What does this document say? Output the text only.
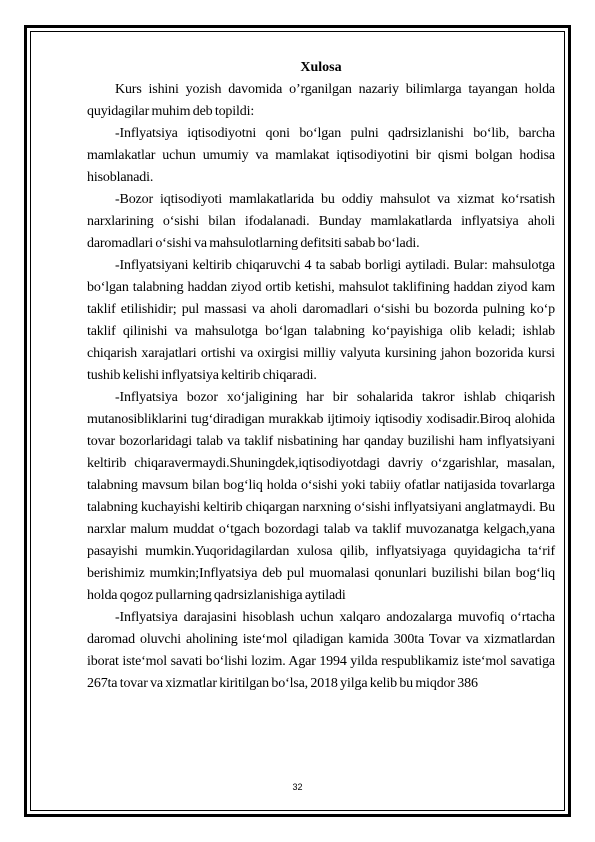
Xulosa

Kurs ishini yozish davomida o’rganilgan nazariy bilimlarga tayangan holda quyidagilar muhim deb topildi:

-Inflyatsiya iqtisodiyotni qoni bo‘lgan pulni qadrsizlanishi bo‘lib, barcha mamlakatlar uchun umumiy va mamlakat iqtisodiyotini bir qismi bolgan hodisa hisoblanadi.

-Bozor iqtisodiyoti mamlakatlarida bu oddiy mahsulot va xizmat ko‘rsatish narxlarining o‘sishi bilan ifodalanadi. Bunday mamlakatlarda inflyatsiya aholi daromadlari o‘sishi va mahsulotlarning defitsiti sabab bo‘ladi.

-Inflyatsiyani keltirib chiqaruvchi 4 ta sabab borligi aytiladi. Bular: mahsulotga bo‘lgan talabning haddan ziyod ortib ketishi, mahsulot taklifining haddan ziyod kam taklif etilishidir; pul massasi va aholi daromadlari o‘sishi bu bozorda pulning ko‘p taklif qilinishi va mahsulotga bo‘lgan talabning ko‘payishiga olib keladi; ishlab chiqarish xarajatlari ortishi va oxirgisi milliy valyuta kursining jahon bozorida kursi tushib kelishi inflyatsiya keltirib chiqaradi.

-Inflyatsiya bozor xo‘jaligining har bir sohalarida takror ishlab chiqarish mutanosibliklarini tug‘diradigan murakkab ijtimoiy iqtisodiy xodisadir.Biroq alohida tovar bozorlaridagi talab va taklif nisbatining har qanday buzilishi ham inflyatsiyani keltirib chiqaravermaydi.Shuningdek,iqtisodiyotdagi davriy o‘zgarishlar, masalan, talabning mavsum bilan bog‘liq holda o‘sishi yoki tabiiy ofatlar natijasida tovarlarga talabning kuchayishi keltirib chiqargan narxning o‘sishi inflyatsiyani anglatmaydi. Bu narxlar malum muddat o‘tgach bozordagi talab va taklif muvozanatga kelgach,yana pasayishi mumkin.Yuqoridagilardan xulosa qilib, inflyatsiyaga quyidagicha ta‘rif berishimiz mumkin;Inflyatsiya deb pul muomalasi qonunlari buzilishi bilan bog‘liq holda qogoz pullarning qadrsizlanishiga aytiladi

-Inflyatsiya darajasini hisoblash uchun xalqaro andozalarga muvofiq o‘rtacha daromad oluvchi aholining iste‘mol qiladigan kamida 300ta Tovar va xizmatlardan iborat iste‘mol savati bo‘lishi lozim. Agar 1994 yilda respublikamiz iste‘mol savatiga 267ta tovar va xizmatlar kiritilgan bo‘lsa, 2018 yilga kelib bu miqdor 386

32
